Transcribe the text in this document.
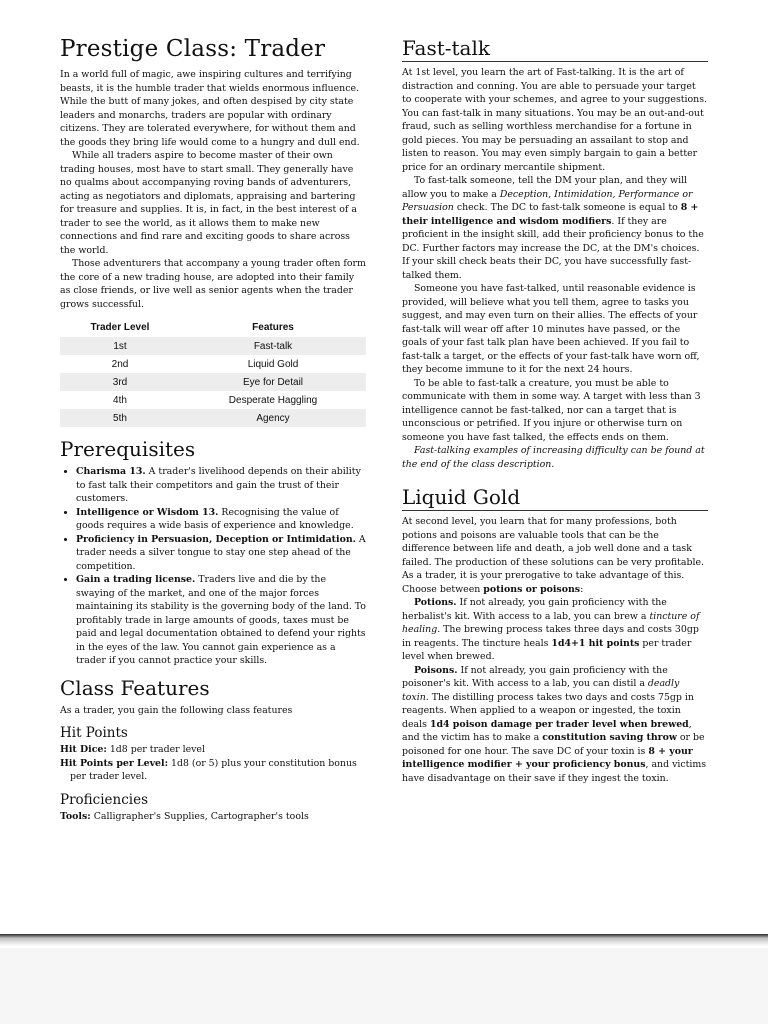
Prestige Class: Trader

In a world full of magic, awe inspiring cultures and terrifying beasts, it is the humble trader that wields enormous influence. While the butt of many jokes, and often despised by city state leaders and monarchs, traders are popular with ordinary citizens. They are tolerated everywhere, for without them and the goods they bring life would come to a hungry and dull end.

While all traders aspire to become master of their own trading houses, most have to start small. They generally have no qualms about accompanying roving bands of adventurers, acting as negotiators and diplomats, appraising and bartering for treasure and supplies. It is, in fact, in the best interest of a trader to see the world, as it allows them to make new connections and find rare and exciting goods to share across the world.

Those adventurers that accompany a young trader often form the core of a new trading house, are adopted into their family as close friends, or live well as senior agents when the trader grows successful.

Trader Level	Features
1st	Fast-talk
2nd	Liquid Gold
3rd	Eye for Detail
4th	Desperate Haggling
5th	Agency
Prerequisites
• Charisma 13. A trader's livelihood depends on their ability to fast talk their competitors and gain the trust of their customers.
• Intelligence or Wisdom 13. Recognising the value of goods requires a wide basis of experience and knowledge.
• Proficiency in Persuasion, Deception or Intimidation. A trader needs a silver tongue to stay one step ahead of the competition.
• Gain a trading license. Traders live and die by the swaying of the market, and one of the major forces maintaining its stability is the governing body of the land. To profitably trade in large amounts of goods, taxes must be paid and legal documentation obtained to defend your rights in the eyes of the law. You cannot gain experience as a trader if you cannot practice your skills.
Class Features

As a trader, you gain the following class features

Hit Points

Hit Dice: 1d8 per trader level

Hit Points per Level: 1d8 (or 5) plus your constitution bonus per trader level.

Proficiencies

Tools: Calligrapher's Supplies, Cartographer's tools

Fast-talk

At 1st level, you learn the art of Fast-talking. It is the art of distraction and conning. You are able to persuade your target to cooperate with your schemes, and agree to your suggestions. You can fast-talk in many situations. You may be an out-and-out fraud, such as selling worthless merchandise for a fortune in gold pieces. You may be persuading an assailant to stop and listen to reason. You may even simply bargain to gain a better price for an ordinary mercantile shipment.

To fast-talk someone, tell the DM your plan, and they will allow you to make a Deception, Intimidation, Performance or Persuasion check. The DC to fast-talk someone is equal to 8 + their intelligence and wisdom modifiers. If they are proficient in the insight skill, add their proficiency bonus to the DC. Further factors may increase the DC, at the DM's choices. If your skill check beats their DC, you have successfully fast-talked them.

Someone you have fast-talked, until reasonable evidence is provided, will believe what you tell them, agree to tasks you suggest, and may even turn on their allies. The effects of your fast-talk will wear off after 10 minutes have passed, or the goals of your fast talk plan have been achieved. If you fail to fast-talk a target, or the effects of your fast-talk have worn off, they become immune to it for the next 24 hours.

To be able to fast-talk a creature, you must be able to communicate with them in some way. A target with less than 3 intelligence cannot be fast-talked, nor can a target that is unconscious or petrified. If you injure or otherwise turn on someone you have fast talked, the effects ends on them.

Fast-talking examples of increasing difficulty can be found at the end of the class description.

Liquid Gold

At second level, you learn that for many professions, both potions and poisons are valuable tools that can be the difference between life and death, a job well done and a task failed. The production of these solutions can be very profitable. As a trader, it is your prerogative to take advantage of this. Choose between potions or poisons:

Potions. If not already, you gain proficiency with the herbalist's kit. With access to a lab, you can brew a tincture of healing. The brewing process takes three days and costs 30gp in reagents. The tincture heals 1d4+1 hit points per trader level when brewed.

Poisons. If not already, you gain proficiency with the poisoner's kit. With access to a lab, you can distil a deadly toxin. The distilling process takes two days and costs 75gp in reagents. When applied to a weapon or ingested, the toxin deals 1d4 poison damage per trader level when brewed, and the victim has to make a constitution saving throw or be poisoned for one hour. The save DC of your toxin is 8 + your intelligence modifier + your proficiency bonus, and victims have disadvantage on their save if they ingest the toxin.
